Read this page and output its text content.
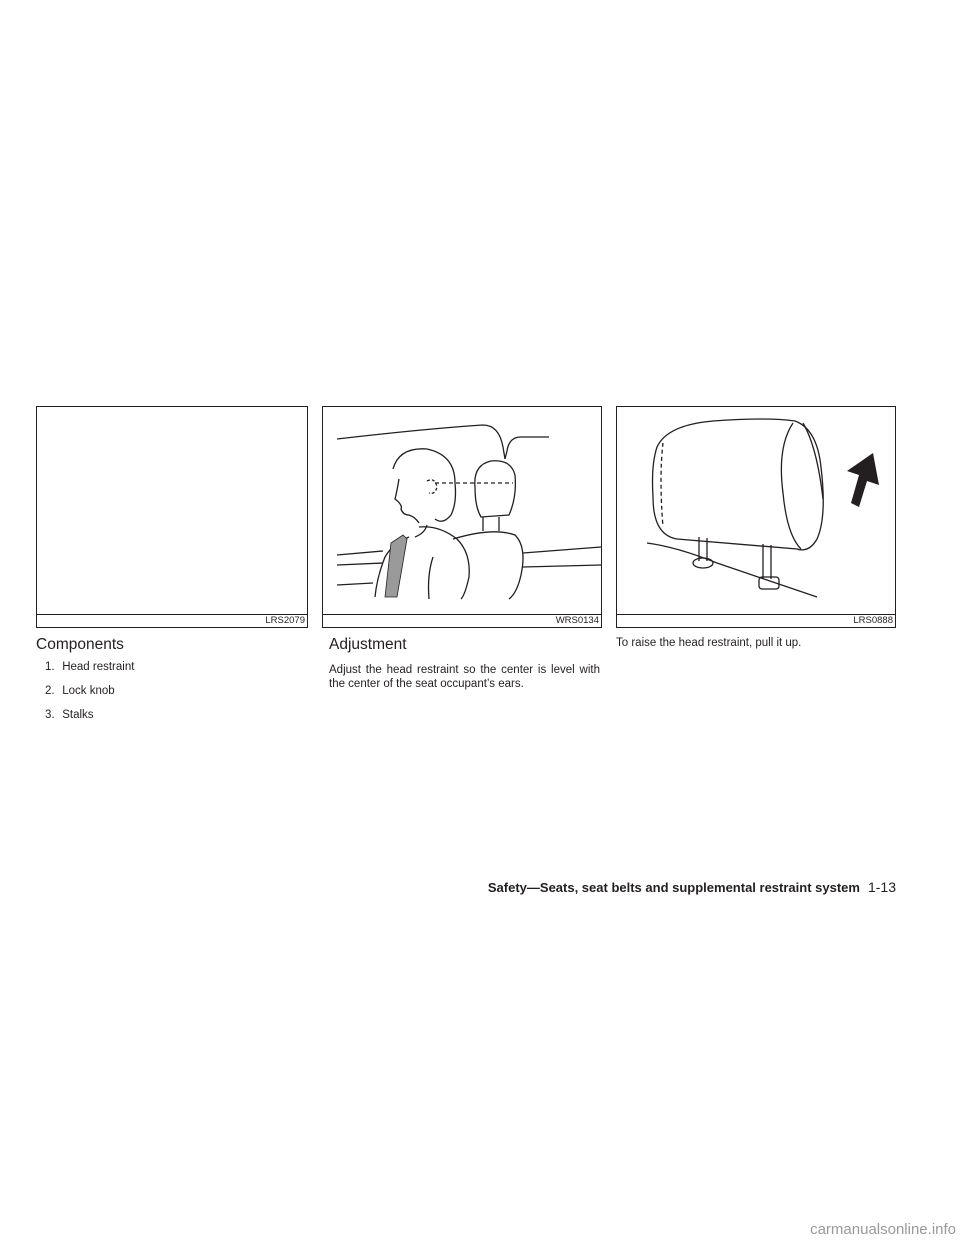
LRS2079	WRS0134	LRS0888
Components
1. Head restraint
2. Lock knob
3. Stalks
Adjustment

Adjust the head restraint so the center is level with the center of the seat occupant’s ears.

To raise the head restraint, pull it up.

Safety—Seats, seat belts and supplemental restraint system 1-13
carmanualsonline.info
